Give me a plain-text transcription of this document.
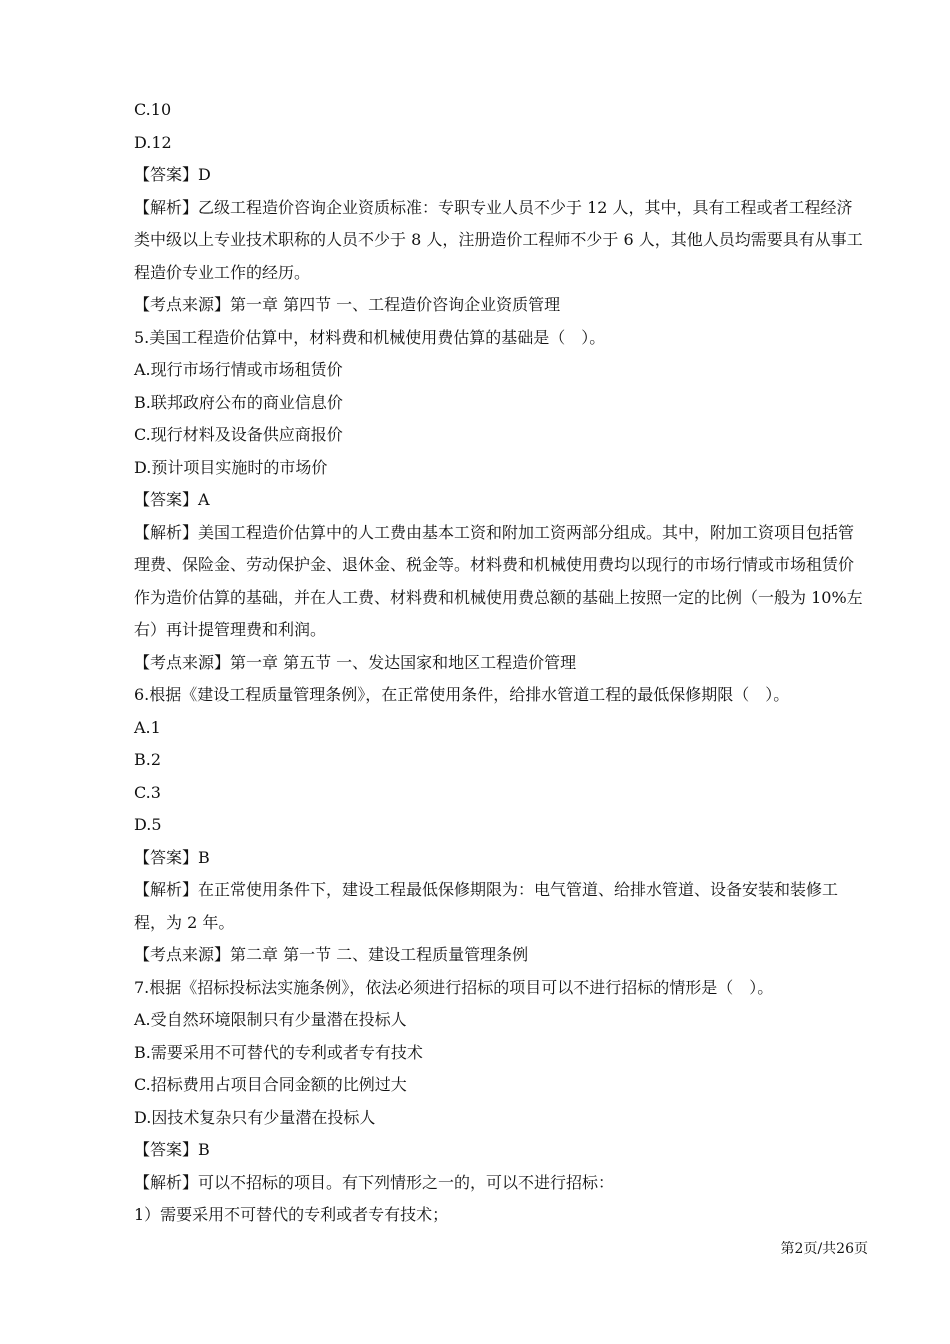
C.10
D.12
【答案】D
【解析】乙级工程造价咨询企业资质标准：专职专业人员不少于 12 人，其中，具有工程或者工程经济类中级以上专业技术职称的人员不少于 8 人，注册造价工程师不少于 6 人，其他人员均需要具有从事工程造价专业工作的经历。
【考点来源】第一章 第四节 一、工程造价咨询企业资质管理
5.美国工程造价估算中，材料费和机械使用费估算的基础是（　）。
A.现行市场行情或市场租赁价
B.联邦政府公布的商业信息价
C.现行材料及设备供应商报价
D.预计项目实施时的市场价
【答案】A
【解析】美国工程造价估算中的人工费由基本工资和附加工资两部分组成。其中，附加工资项目包括管理费、保险金、劳动保护金、退休金、税金等。材料费和机械使用费均以现行的市场行情或市场租赁价作为造价估算的基础，并在人工费、材料费和机械使用费总额的基础上按照一定的比例（一般为 10%左右）再计提管理费和利润。
【考点来源】第一章 第五节 一、发达国家和地区工程造价管理
6.根据《建设工程质量管理条例》，在正常使用条件，给排水管道工程的最低保修期限（　）。
A.1
B.2
C.3
D.5
【答案】B
【解析】在正常使用条件下，建设工程最低保修期限为：电气管道、给排水管道、设备安装和装修工程，为 2 年。
【考点来源】第二章 第一节 二、建设工程质量管理条例
7.根据《招标投标法实施条例》，依法必须进行招标的项目可以不进行招标的情形是（　）。
A.受自然环境限制只有少量潜在投标人
B.需要采用不可替代的专利或者专有技术
C.招标费用占项目合同金额的比例过大
D.因技术复杂只有少量潜在投标人
【答案】B
【解析】可以不招标的项目。有下列情形之一的，可以不进行招标：
1）需要采用不可替代的专利或者专有技术；
第2页/共26页
